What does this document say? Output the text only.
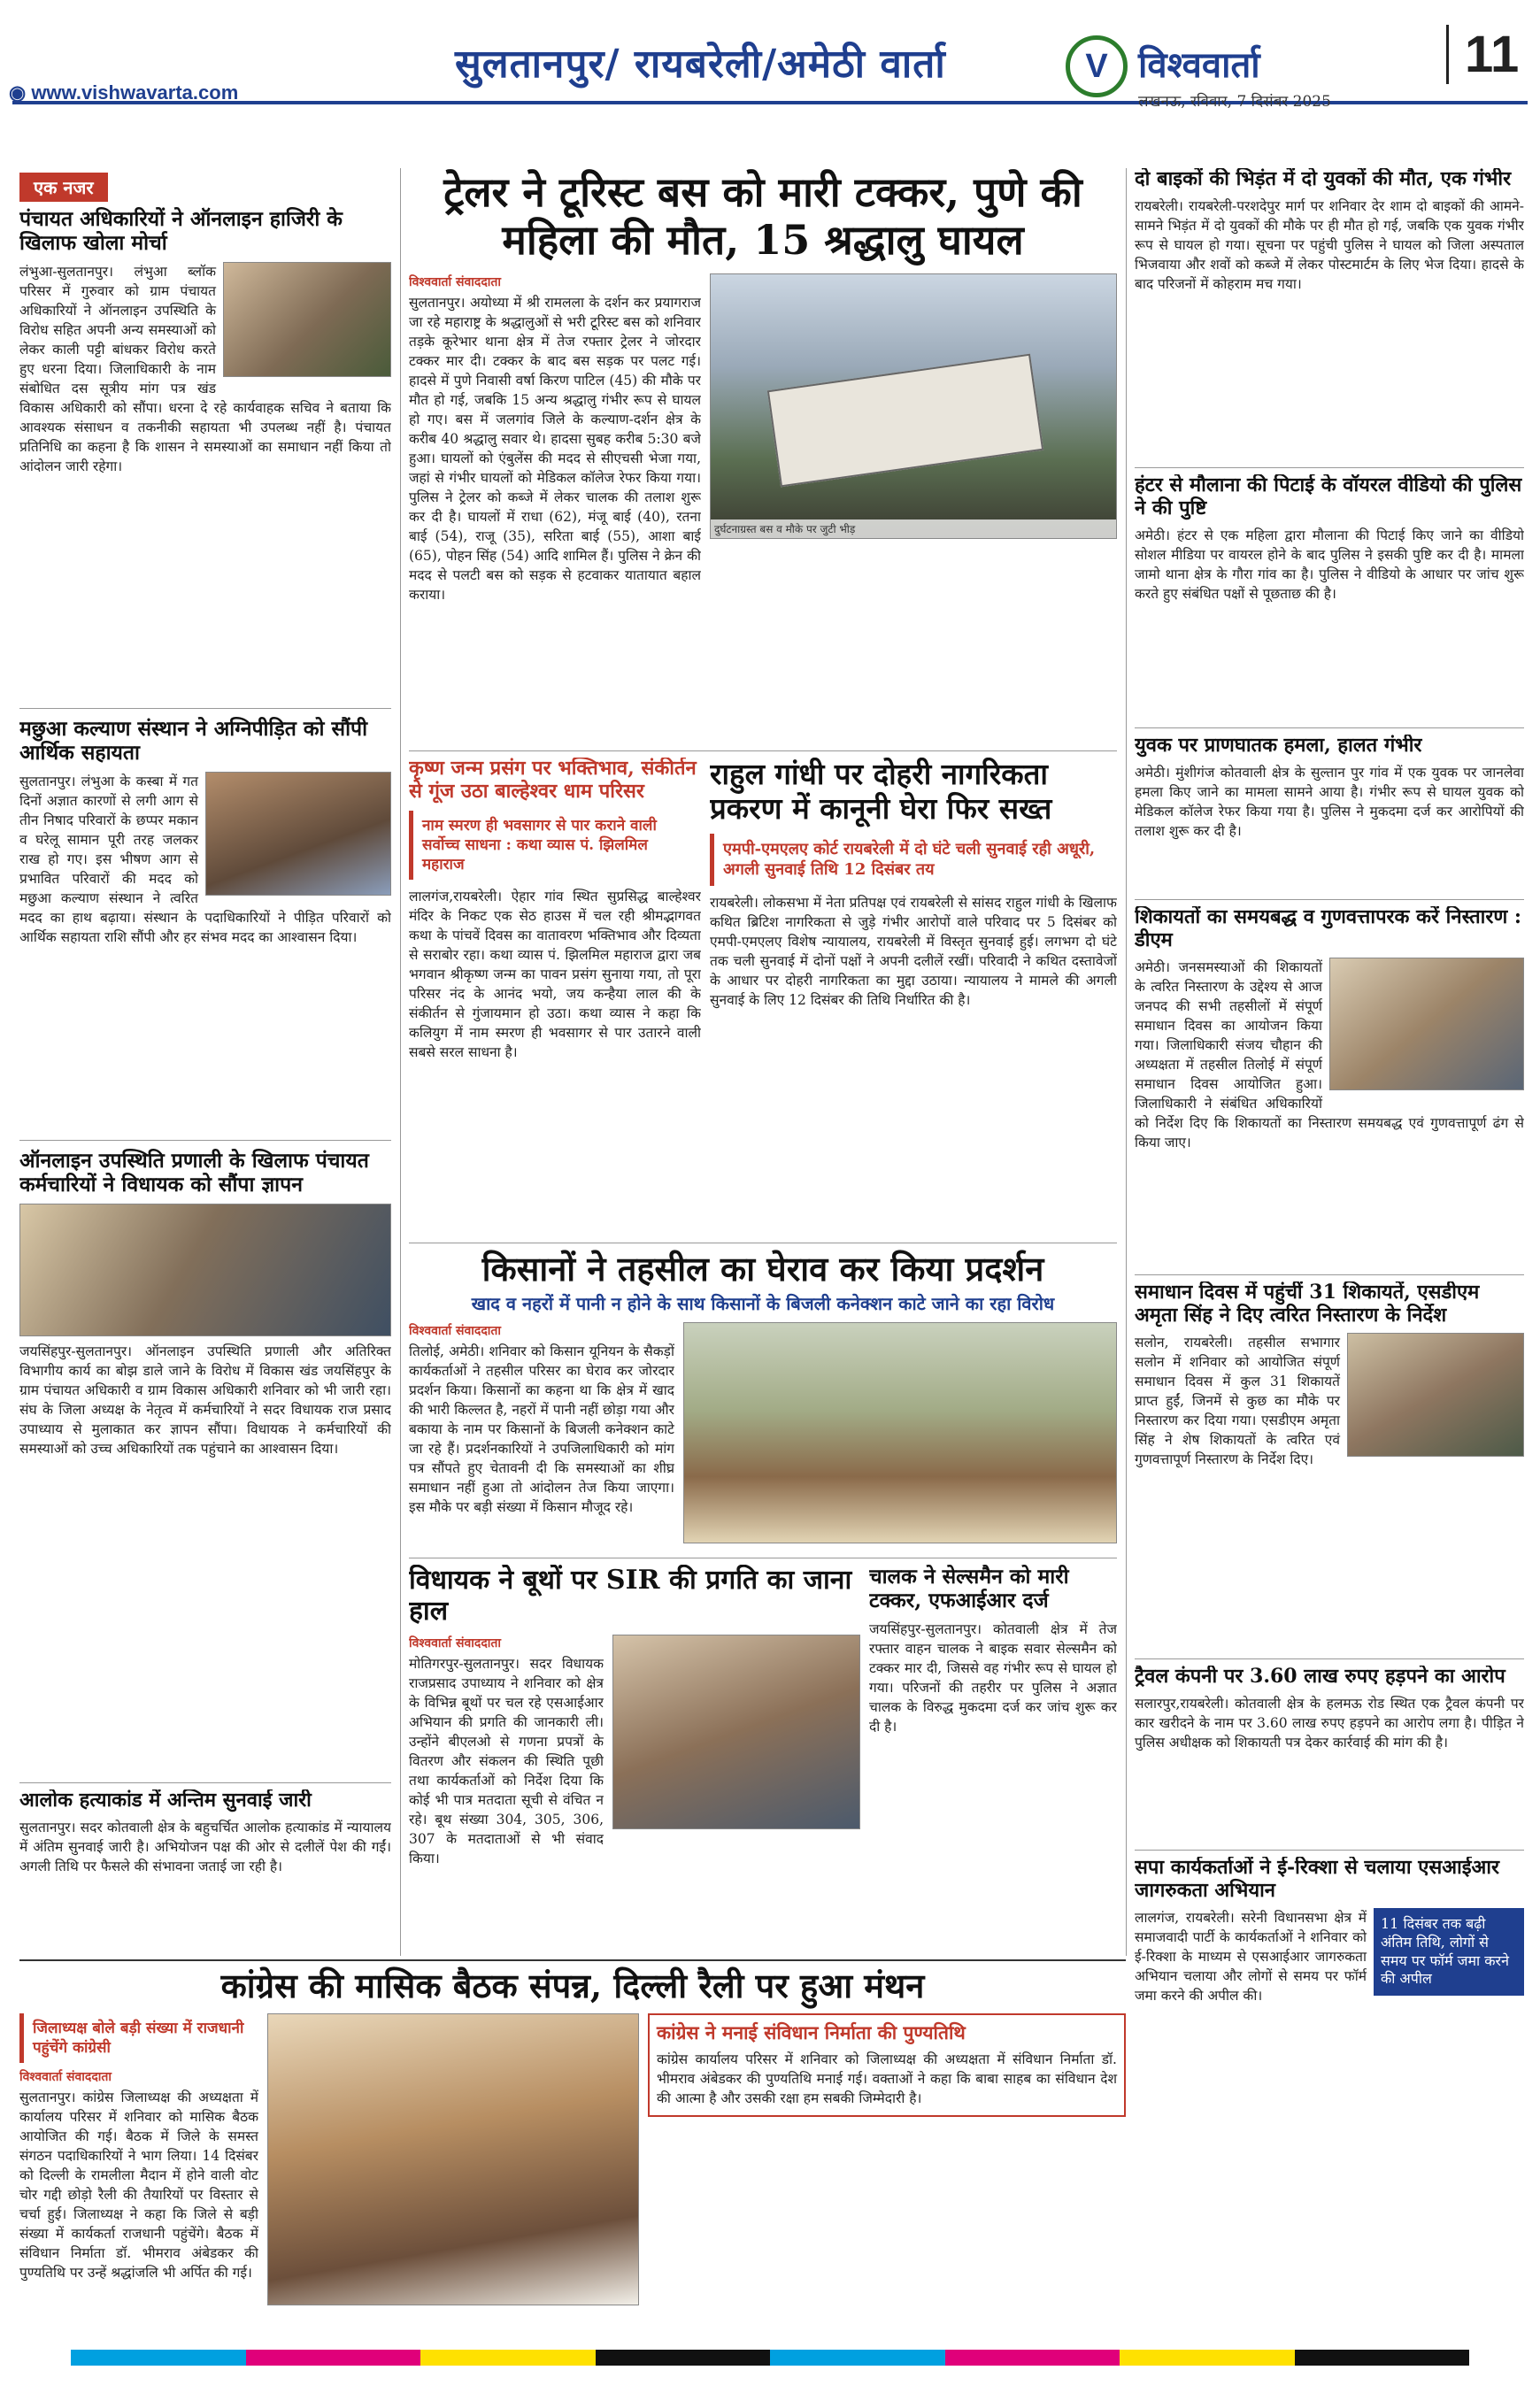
सुलतानपुर/ रायबरेली/अमेठी वार्ता	V विश्ववार्ता
लखनऊ, रविवार, 7 दिसंबर 2025
11
◉ www.vishwavarta.com
एक नजर
पंचायत अधिकारियों ने ऑनलाइन हाजिरी के खिलाफ खोला मोर्चा
लंभुआ-सुलतानपुर। लंभुआ ब्लॉक परिसर में गुरुवार को ग्राम पंचायत अधिकारियों ने ऑनलाइन उपस्थिति के विरोध सहित अपनी अन्य समस्याओं को लेकर काली पट्टी बांधकर विरोध करते हुए धरना दिया। जिलाधिकारी के नाम संबोधित दस सूत्रीय मांग पत्र खंड विकास अधिकारी को सौंपा। धरना दे रहे कार्यवाहक सचिव ने बताया कि आवश्यक संसाधन व तकनीकी सहायता भी उपलब्ध नहीं है। पंचायत प्रतिनिधि का कहना है कि शासन ने समस्याओं का समाधान नहीं किया तो आंदोलन जारी रहेगा।
मछुआ कल्याण संस्थान ने अग्निपीड़ित को सौंपी आर्थिक सहायता
सुलतानपुर। लंभुआ के कस्बा में गत दिनों अज्ञात कारणों से लगी आग से तीन निषाद परिवारों के छप्पर मकान व घरेलू सामान पूरी तरह जलकर राख हो गए। इस भीषण आग से प्रभावित परिवारों की मदद को मछुआ कल्याण संस्थान ने त्वरित मदद का हाथ बढ़ाया। संस्थान के पदाधिकारियों ने पीड़ित परिवारों को आर्थिक सहायता राशि सौंपी और हर संभव मदद का आश्वासन दिया।
ऑनलाइन उपस्थिति प्रणाली के खिलाफ पंचायत कर्मचारियों ने विधायक को सौंपा ज्ञापन
जयसिंहपुर-सुलतानपुर। ऑनलाइन उपस्थिति प्रणाली और अतिरिक्त विभागीय कार्य का बोझ डाले जाने के विरोध में विकास खंड जयसिंहपुर के ग्राम पंचायत अधिकारी व ग्राम विकास अधिकारी शनिवार को भी जारी रहा। संघ के जिला अध्यक्ष के नेतृत्व में कर्मचारियों ने सदर विधायक राज प्रसाद उपाध्याय से मुलाकात कर ज्ञापन सौंपा। विधायक ने कर्मचारियों की समस्याओं को उच्च अधिकारियों तक पहुंचाने का आश्वासन दिया।
आलोक हत्याकांड में अन्तिम सुनवाई जारी
सुलतानपुर। सदर कोतवाली क्षेत्र के बहुचर्चित आलोक हत्याकांड में न्यायालय में अंतिम सुनवाई जारी है। अभियोजन पक्ष की ओर से दलीलें पेश की गईं। अगली तिथि पर फैसले की संभावना जताई जा रही है।
ट्रेलर ने टूरिस्ट बस को मारी टक्कर, पुणे की महिला की मौत, 15 श्रद्धालु घायल
विश्ववार्ता संवाददाता
सुलतानपुर। अयोध्या में श्री रामलला के दर्शन कर प्रयागराज जा रहे महाराष्ट्र के श्रद्धालुओं से भरी टूरिस्ट बस को शनिवार तड़के कूरेभार थाना क्षेत्र में तेज रफ्तार ट्रेलर ने जोरदार टक्कर मार दी। टक्कर के बाद बस सड़क पर पलट गई। हादसे में पुणे निवासी वर्षा किरण पाटिल (45) की मौके पर मौत हो गई, जबकि 15 अन्य श्रद्धालु गंभीर रूप से घायल हो गए। बस में जलगांव जिले के कल्याण-दर्शन क्षेत्र के करीब 40 श्रद्धालु सवार थे। हादसा सुबह करीब 5:30 बजे हुआ। घायलों को एंबुलेंस की मदद से सीएचसी भेजा गया, जहां से गंभीर घायलों को मेडिकल कॉलेज रेफर किया गया। पुलिस ने ट्रेलर को कब्जे में लेकर चालक की तलाश शुरू कर दी है। घायलों में राधा (62), मंजू बाई (40), रतना बाई (54), राजू (35), सरिता बाई (55), आशा बाई (65), पोहन सिंह (54) आदि शामिल हैं। पुलिस ने क्रेन की मदद से पलटी बस को सड़क से हटवाकर यातायात बहाल कराया।
दुर्घटनाग्रस्त बस व मौके पर जुटी भीड़
कृष्ण जन्म प्रसंग पर भक्तिभाव, संकीर्तन से गूंज उठा बाल्हेश्वर धाम परिसर
नाम स्मरण ही भवसागर से पार कराने वाली सर्वोच्च साधना : कथा व्यास पं. झिलमिल महाराज
लालगंज,रायबरेली। ऐहार गांव स्थित सुप्रसिद्ध बाल्हेश्वर मंदिर के निकट एक सेठ हाउस में चल रही श्रीमद्भागवत कथा के पांचवें दिवस का वातावरण भक्तिभाव और दिव्यता से सराबोर रहा। कथा व्यास पं. झिलमिल महाराज द्वारा जब भगवान श्रीकृष्ण जन्म का पावन प्रसंग सुनाया गया, तो पूरा परिसर नंद के आनंद भयो, जय कन्हैया लाल की के संकीर्तन से गुंजायमान हो उठा। कथा व्यास ने कहा कि कलियुग में नाम स्मरण ही भवसागर से पार उतारने वाली सबसे सरल साधना है।
राहुल गांधी पर दोहरी नागरिकता प्रकरण में कानूनी घेरा फिर सख्त
एमपी-एमएलए कोर्ट रायबरेली में दो घंटे चली सुनवाई रही अधूरी, अगली सुनवाई तिथि 12 दिसंबर तय
रायबरेली। लोकसभा में नेता प्रतिपक्ष एवं रायबरेली से सांसद राहुल गांधी के खिलाफ कथित ब्रिटिश नागरिकता से जुड़े गंभीर आरोपों वाले परिवाद पर 5 दिसंबर को एमपी-एमएलए विशेष न्यायालय, रायबरेली में विस्तृत सुनवाई हुई। लगभग दो घंटे तक चली सुनवाई में दोनों पक्षों ने अपनी दलीलें रखीं। परिवादी ने कथित दस्तावेजों के आधार पर दोहरी नागरिकता का मुद्दा उठाया। न्यायालय ने मामले की अगली सुनवाई के लिए 12 दिसंबर की तिथि निर्धारित की है।
किसानों ने तहसील का घेराव कर किया प्रदर्शन
खाद व नहरों में पानी न होने के साथ किसानों के बिजली कनेक्शन काटे जाने का रहा विरोध
विश्ववार्ता संवाददाता
तिलोई, अमेठी। शनिवार को किसान यूनियन के सैकड़ों कार्यकर्ताओं ने तहसील परिसर का घेराव कर जोरदार प्रदर्शन किया। किसानों का कहना था कि क्षेत्र में खाद की भारी किल्लत है, नहरों में पानी नहीं छोड़ा गया और बकाया के नाम पर किसानों के बिजली कनेक्शन काटे जा रहे हैं। प्रदर्शनकारियों ने उपजिलाधिकारी को मांग पत्र सौंपते हुए चेतावनी दी कि समस्याओं का शीघ्र समाधान नहीं हुआ तो आंदोलन तेज किया जाएगा। इस मौके पर बड़ी संख्या में किसान मौजूद रहे।
विधायक ने बूथों पर SIR की प्रगति का जाना हाल
विश्ववार्ता संवाददाता
मोतिगरपुर-सुलतानपुर। सदर विधायक राजप्रसाद उपाध्याय ने शनिवार को क्षेत्र के विभिन्न बूथों पर चल रहे एसआईआर अभियान की प्रगति की जानकारी ली। उन्होंने बीएलओ से गणना प्रपत्रों के वितरण और संकलन की स्थिति पूछी तथा कार्यकर्ताओं को निर्देश दिया कि कोई भी पात्र मतदाता सूची से वंचित न रहे। बूथ संख्या 304, 305, 306, 307 के मतदाताओं से भी संवाद किया।
चालक ने सेल्समैन को मारी टक्कर, एफआईआर दर्ज
जयसिंहपुर-सुलतानपुर। कोतवाली क्षेत्र में तेज रफ्तार वाहन चालक ने बाइक सवार सेल्समैन को टक्कर मार दी, जिससे वह गंभीर रूप से घायल हो गया। परिजनों की तहरीर पर पुलिस ने अज्ञात चालक के विरुद्ध मुकदमा दर्ज कर जांच शुरू कर दी है।
दो बाइकों की भिड़ंत में दो युवकों की मौत, एक गंभीर
रायबरेली। रायबरेली-परशदेपुर मार्ग पर शनिवार देर शाम दो बाइकों की आमने-सामने भिड़ंत में दो युवकों की मौके पर ही मौत हो गई, जबकि एक युवक गंभीर रूप से घायल हो गया। सूचना पर पहुंची पुलिस ने घायल को जिला अस्पताल भिजवाया और शवों को कब्जे में लेकर पोस्टमार्टम के लिए भेज दिया। हादसे के बाद परिजनों में कोहराम मच गया।
हंटर से मौलाना की पिटाई के वॉयरल वीडियो की पुलिस ने की पुष्टि
अमेठी। हंटर से एक महिला द्वारा मौलाना की पिटाई किए जाने का वीडियो सोशल मीडिया पर वायरल होने के बाद पुलिस ने इसकी पुष्टि कर दी है। मामला जामो थाना क्षेत्र के गौरा गांव का है। पुलिस ने वीडियो के आधार पर जांच शुरू करते हुए संबंधित पक्षों से पूछताछ की है।
युवक पर प्राणघातक हमला, हालत गंभीर
अमेठी। मुंशीगंज कोतवाली क्षेत्र के सुल्तान पुर गांव में एक युवक पर जानलेवा हमला किए जाने का मामला सामने आया है। गंभीर रूप से घायल युवक को मेडिकल कॉलेज रेफर किया गया है। पुलिस ने मुकदमा दर्ज कर आरोपियों की तलाश शुरू कर दी है।
शिकायतों का समयबद्ध व गुणवत्तापरक करें निस्तारण : डीएम
अमेठी। जनसमस्याओं की शिकायतों के त्वरित निस्तारण के उद्देश्य से आज जनपद की सभी तहसीलों में संपूर्ण समाधान दिवस का आयोजन किया गया। जिलाधिकारी संजय चौहान की अध्यक्षता में तहसील तिलोई में संपूर्ण समाधान दिवस आयोजित हुआ। जिलाधिकारी ने संबंधित अधिकारियों को निर्देश दिए कि शिकायतों का निस्तारण समयबद्ध एवं गुणवत्तापूर्ण ढंग से किया जाए।
समाधान दिवस में पहुंचीं 31 शिकायतें, एसडीएम अमृता सिंह ने दिए त्वरित निस्तारण के निर्देश
सलोन, रायबरेली। तहसील सभागार सलोन में शनिवार को आयोजित संपूर्ण समाधान दिवस में कुल 31 शिकायतें प्राप्त हुईं, जिनमें से कुछ का मौके पर निस्तारण कर दिया गया। एसडीएम अमृता सिंह ने शेष शिकायतों के त्वरित एवं गुणवत्तापूर्ण निस्तारण के निर्देश दिए।
ट्रैवल कंपनी पर 3.60 लाख रुपए हड़पने का आरोप
सलारपुर,रायबरेली। कोतवाली क्षेत्र के हलमऊ रोड स्थित एक ट्रैवल कंपनी पर कार खरीदने के नाम पर 3.60 लाख रुपए हड़पने का आरोप लगा है। पीड़ित ने पुलिस अधीक्षक को शिकायती पत्र देकर कार्रवाई की मांग की है।
सपा कार्यकर्ताओं ने ई-रिक्शा से चलाया एसआईआर जागरुकता अभियान
11 दिसंबर तक बढ़ी अंतिम तिथि, लोगों से समय पर फॉर्म जमा करने की अपील
लालगंज, रायबरेली। सरेनी विधानसभा क्षेत्र में समाजवादी पार्टी के कार्यकर्ताओं ने शनिवार को ई-रिक्शा के माध्यम से एसआईआर जागरुकता अभियान चलाया और लोगों से समय पर फॉर्म जमा करने की अपील की।
कांग्रेस की मासिक बैठक संपन्न, दिल्ली रैली पर हुआ मंथन
जिलाध्यक्ष बोले बड़ी संख्या में राजधानी पहुंचेंगे कांग्रेसी
विश्ववार्ता संवाददाता
सुलतानपुर। कांग्रेस जिलाध्यक्ष की अध्यक्षता में कार्यालय परिसर में शनिवार को मासिक बैठक आयोजित की गई। बैठक में जिले के समस्त संगठन पदाधिकारियों ने भाग लिया। 14 दिसंबर को दिल्ली के रामलीला मैदान में होने वाली वोट चोर गद्दी छोड़ो रैली की तैयारियों पर विस्तार से चर्चा हुई। जिलाध्यक्ष ने कहा कि जिले से बड़ी संख्या में कार्यकर्ता राजधानी पहुंचेंगे। बैठक में संविधान निर्माता डॉ. भीमराव अंबेडकर की पुण्यतिथि पर उन्हें श्रद्धांजलि भी अर्पित की गई।
कांग्रेस ने मनाई संविधान निर्माता की पुण्यतिथि
कांग्रेस कार्यालय परिसर में शनिवार को जिलाध्यक्ष की अध्यक्षता में संविधान निर्माता डॉ. भीमराव अंबेडकर की पुण्यतिथि मनाई गई। वक्ताओं ने कहा कि बाबा साहब का संविधान देश की आत्मा है और उसकी रक्षा हम सबकी जिम्मेदारी है।
